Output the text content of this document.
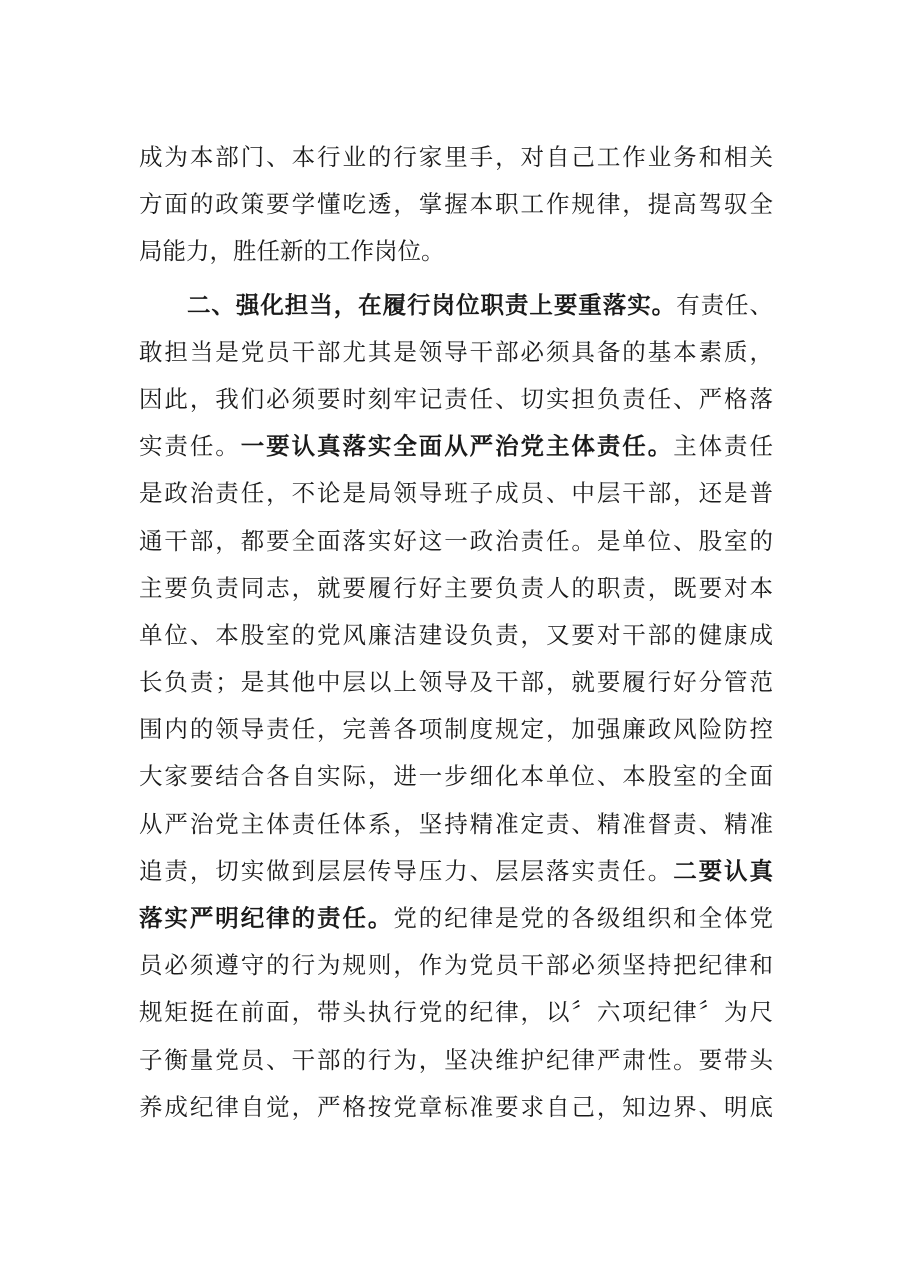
成为本部门、本行业的行家里手，对自己工作业务和相关
方面的政策要学懂吃透，掌握本职工作规律，提高驾驭全
局能力，胜任新的工作岗位。
二、强化担当，在履行岗位职责上要重落实。有责任、
敢担当是党员干部尤其是领导干部必须具备的基本素质，
因此，我们必须要时刻牢记责任、切实担负责任、严格落
实责任。一要认真落实全面从严治党主体责任。主体责任
是政治责任，不论是局领导班子成员、中层干部，还是普
通干部，都要全面落实好这一政治责任。是单位、股室的
主要负责同志，就要履行好主要负责人的职责，既要对本
单位、本股室的党风廉洁建设负责，又要对干部的健康成
长负责；是其他中层以上领导及干部，就要履行好分管范
围内的领导责任，完善各项制度规定，加强廉政风险防控
大家要结合各自实际，进一步细化本单位、本股室的全面
从严治党主体责任体系，坚持精准定责、精准督责、精准
追责，切实做到层层传导压力、层层落实责任。二要认真
落实严明纪律的责任。党的纪律是党的各级组织和全体党
员必须遵守的行为规则，作为党员干部必须坚持把纪律和
规矩挺在前面，带头执行党的纪律，以〞六项纪律〞为尺
子衡量党员、干部的行为，坚决维护纪律严肃性。要带头
养成纪律自觉，严格按党章标准要求自己，知边界、明底
